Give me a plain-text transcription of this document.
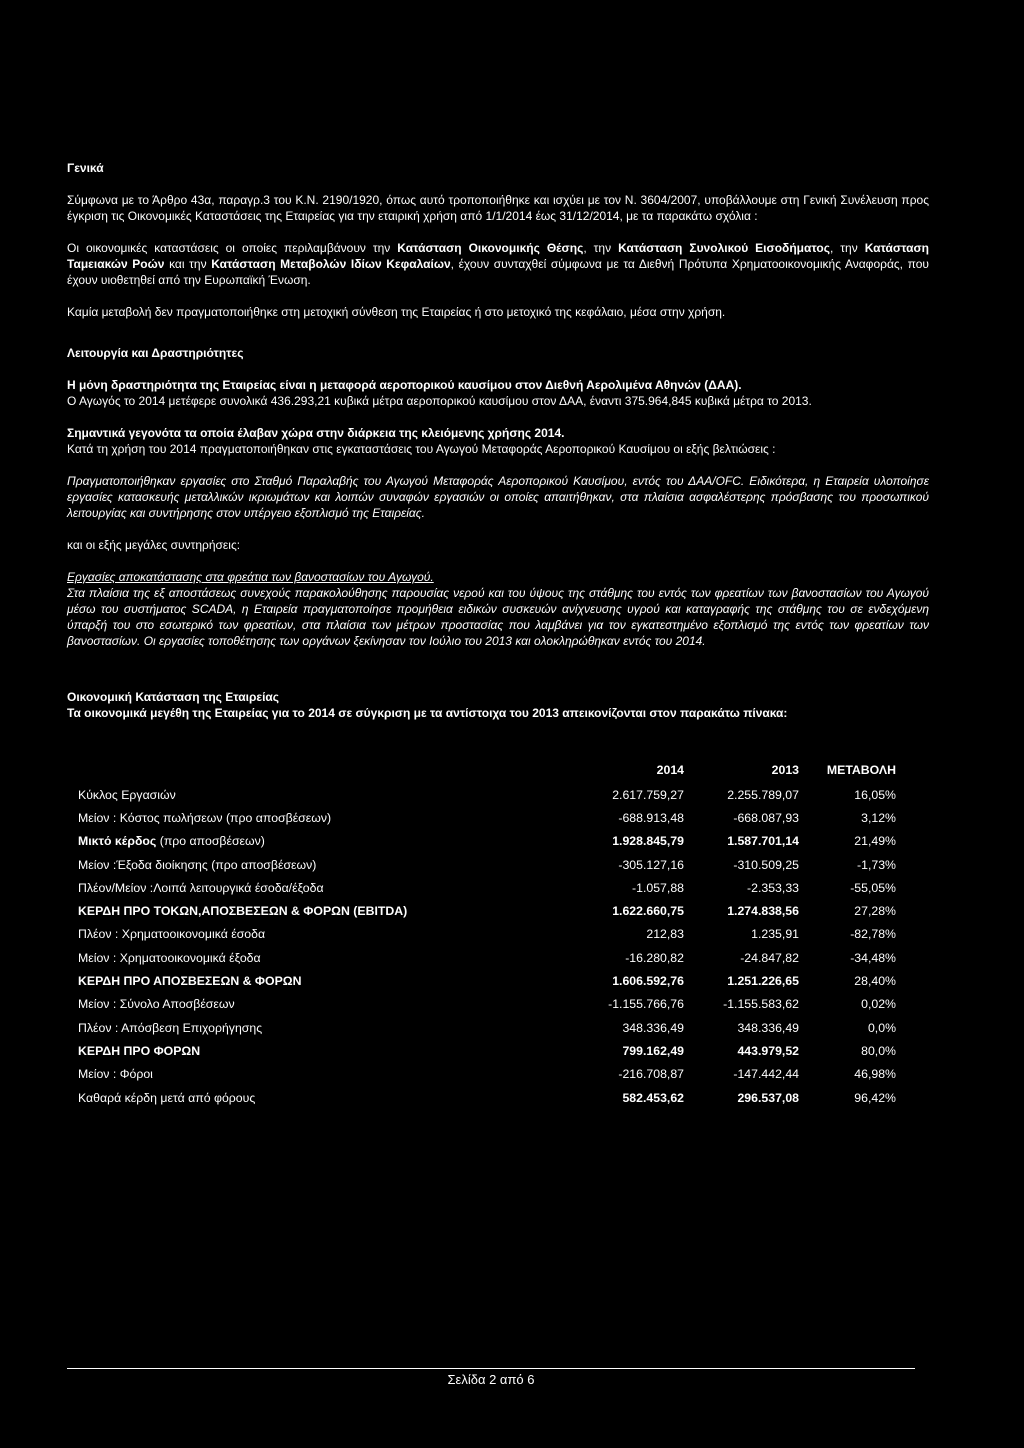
Γενικά

Σύμφωνα με το Άρθρο 43α, παραγρ.3 του Κ.Ν. 2190/1920, όπως αυτό τροποποιήθηκε και ισχύει με τον Ν. 3604/2007, υποβάλλουμε στη Γενική Συνέλευση προς έγκριση τις Οικονομικές Καταστάσεις της Εταιρείας για την εταιρική χρήση από 1/1/2014 έως 31/12/2014, με τα παρακάτω σχόλια :

Οι οικονομικές καταστάσεις οι οποίες περιλαμβάνουν την Κατάσταση Οικονομικής Θέσης, την Κατάσταση Συνολικού Εισοδήματος, την Κατάσταση Ταμειακών Ροών και την Κατάσταση Μεταβολών Ιδίων Κεφαλαίων, έχουν συνταχθεί σύμφωνα με τα Διεθνή Πρότυπα Χρηματοοικονομικής Αναφοράς, που έχουν υιοθετηθεί από την Ευρωπαϊκή Ένωση.

Καμία μεταβολή δεν πραγματοποιήθηκε στη μετοχική σύνθεση της Εταιρείας ή στο μετοχικό της κεφάλαιο, μέσα στην χρήση.

Λειτουργία και Δραστηριότητες

Η μόνη δραστηριότητα της Εταιρείας είναι η μεταφορά αεροπορικού καυσίμου στον Διεθνή Αερολιμένα Αθηνών (ΔΑΑ).

Ο Αγωγός το 2014 μετέφερε συνολικά 436.293,21 κυβικά μέτρα αεροπορικού καυσίμου στον ΔΑΑ, έναντι 375.964,845 κυβικά μέτρα το 2013.

Σημαντικά γεγονότα τα οποία έλαβαν χώρα στην διάρκεια της κλειόμενης χρήσης 2014.

Κατά τη χρήση του 2014 πραγματοποιήθηκαν στις εγκαταστάσεις του Αγωγού Μεταφοράς Αεροπορικού Καυσίμου οι εξής βελτιώσεις :

Πραγματοποιήθηκαν εργασίες στο Σταθμό Παραλαβής του Αγωγού Μεταφοράς Αεροπορικού Καυσίμου, εντός του ΔΑΑ/OFC. Ειδικότερα, η Εταιρεία υλοποίησε εργασίες κατασκευής μεταλλικών ικριωμάτων και λοιπών συναφών εργασιών οι οποίες απαιτήθηκαν, στα πλαίσια ασφαλέστερης πρόσβασης του προσωπικού λειτουργίας και συντήρησης στον υπέργειο εξοπλισμό της Εταιρείας.

και οι εξής μεγάλες συντηρήσεις:

Εργασίες αποκατάστασης στα φρεάτια των βανοστασίων του Αγωγού.

Στα πλαίσια της εξ αποστάσεως συνεχούς παρακολούθησης παρουσίας νερού και του ύψους της στάθμης του εντός των φρεατίων των βανοστασίων του Αγωγού μέσω του συστήματος SCADA, η Εταιρεία πραγματοποίησε προμήθεια ειδικών συσκευών ανίχνευσης υγρού και καταγραφής της στάθμης του σε ενδεχόμενη ύπαρξή του στο εσωτερικό των φρεατίων, στα πλαίσια των μέτρων προστασίας που λαμβάνει για τον εγκατεστημένο εξοπλισμό της εντός των φρεατίων των βανοστασίων. Οι εργασίες τοποθέτησης των οργάνων ξεκίνησαν τον Ιούλιο του 2013 και ολοκληρώθηκαν εντός του 2014.

Οικονομική Κατάσταση της Εταιρείας

Τα οικονομικά μεγέθη της Εταιρείας για το 2014 σε σύγκριση με τα αντίστοιχα του 2013 απεικονίζονται στον παρακάτω πίνακα:

	2014	2013	ΜΕΤΑΒΟΛΗ
Κύκλος Εργασιών	2.617.759,27	2.255.789,07	16,05%
Μείον : Κόστος πωλήσεων (προ αποσβέσεων)	-688.913,48	-668.087,93	3,12%
Μικτό κέρδος (προ αποσβέσεων)	1.928.845,79	1.587.701,14	21,49%
Μείον :Έξοδα διοίκησης (προ αποσβέσεων)	-305.127,16	-310.509,25	-1,73%
Πλέον/Μείον :Λοιπά λειτουργικά έσοδα/έξοδα	-1.057,88	-2.353,33	-55,05%
ΚΕΡΔΗ ΠΡΟ ΤΟΚΩΝ,ΑΠΟΣΒΕΣΕΩΝ & ΦΟΡΩΝ (EBITDA)	1.622.660,75	1.274.838,56	27,28%
Πλέον : Χρηματοοικονομικά έσοδα	212,83	1.235,91	-82,78%
Μείον : Χρηματοοικονομικά έξοδα	-16.280,82	-24.847,82	-34,48%
ΚΕΡΔΗ ΠΡΟ ΑΠΟΣΒΕΣΕΩΝ & ΦΟΡΩΝ	1.606.592,76	1.251.226,65	28,40%
Μείον : Σύνολο Αποσβέσεων	-1.155.766,76	-1.155.583,62	0,02%
Πλέον : Απόσβεση Επιχορήγησης	348.336,49	348.336,49	0,0%
ΚΕΡΔΗ ΠΡΟ ΦΟΡΩΝ	799.162,49	443.979,52	80,0%
Μείον : Φόροι	-216.708,87	-147.442,44	46,98%
Καθαρά κέρδη μετά από φόρους	582.453,62	296.537,08	96,42%

Σελίδα 2 από 6
